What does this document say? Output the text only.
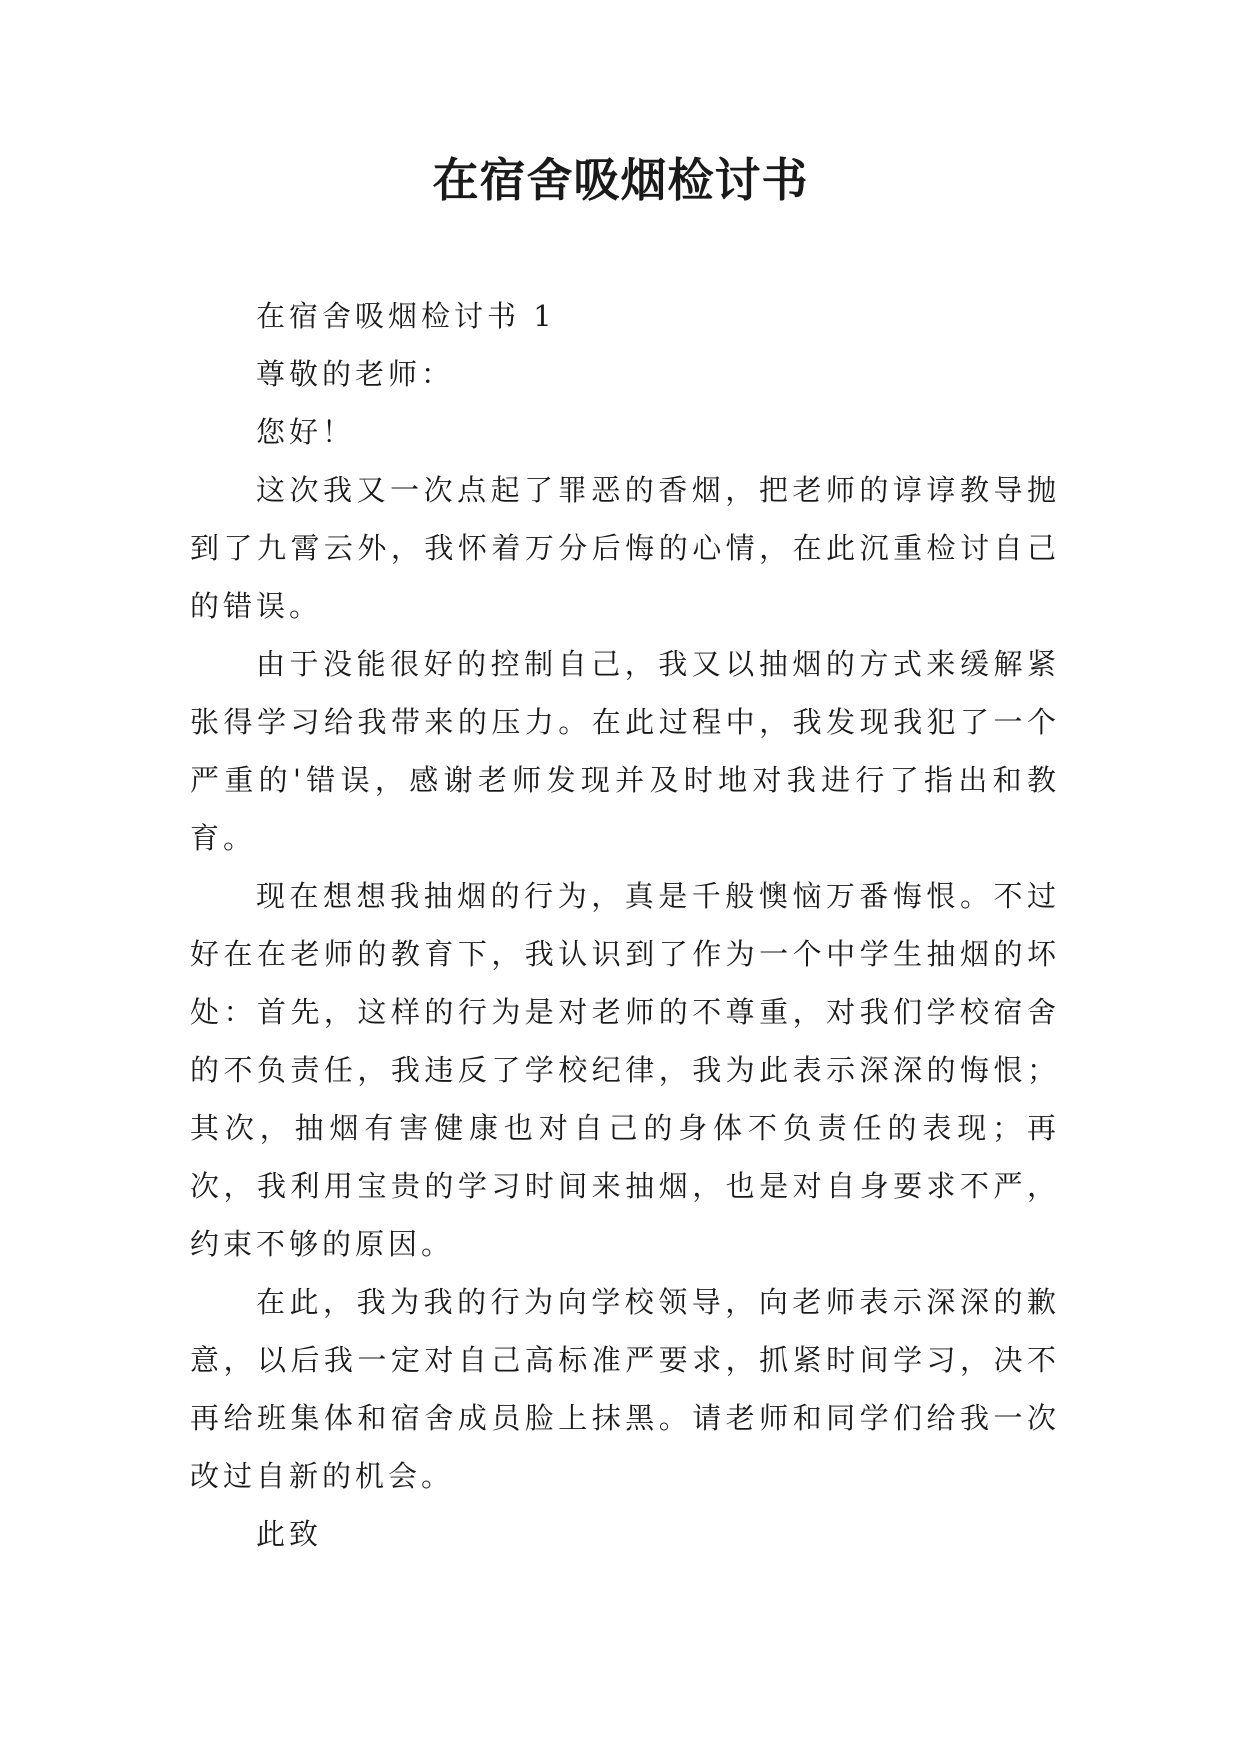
在宿舍吸烟检讨书

在宿舍吸烟检讨书 1

尊敬的老师：

您好！

这次我又一次点起了罪恶的香烟，把老师的谆谆教导抛到了九霄云外，我怀着万分后悔的心情，在此沉重检讨自己的错误。

由于没能很好的控制自己，我又以抽烟的方式来缓解紧张得学习给我带来的压力。在此过程中，我发现我犯了一个严重的'错误，感谢老师发现并及时地对我进行了指出和教育。

现在想想我抽烟的行为，真是千般懊恼万番悔恨。不过好在在老师的教育下，我认识到了作为一个中学生抽烟的坏处：首先，这样的行为是对老师的不尊重，对我们学校宿舍的不负责任，我违反了学校纪律，我为此表示深深的悔恨；其次，抽烟有害健康也对自己的身体不负责任的表现；再次，我利用宝贵的学习时间来抽烟，也是对自身要求不严，约束不够的原因。

在此，我为我的行为向学校领导，向老师表示深深的歉意，以后我一定对自己高标准严要求，抓紧时间学习，决不再给班集体和宿舍成员脸上抹黑。请老师和同学们给我一次改过自新的机会。

此致
